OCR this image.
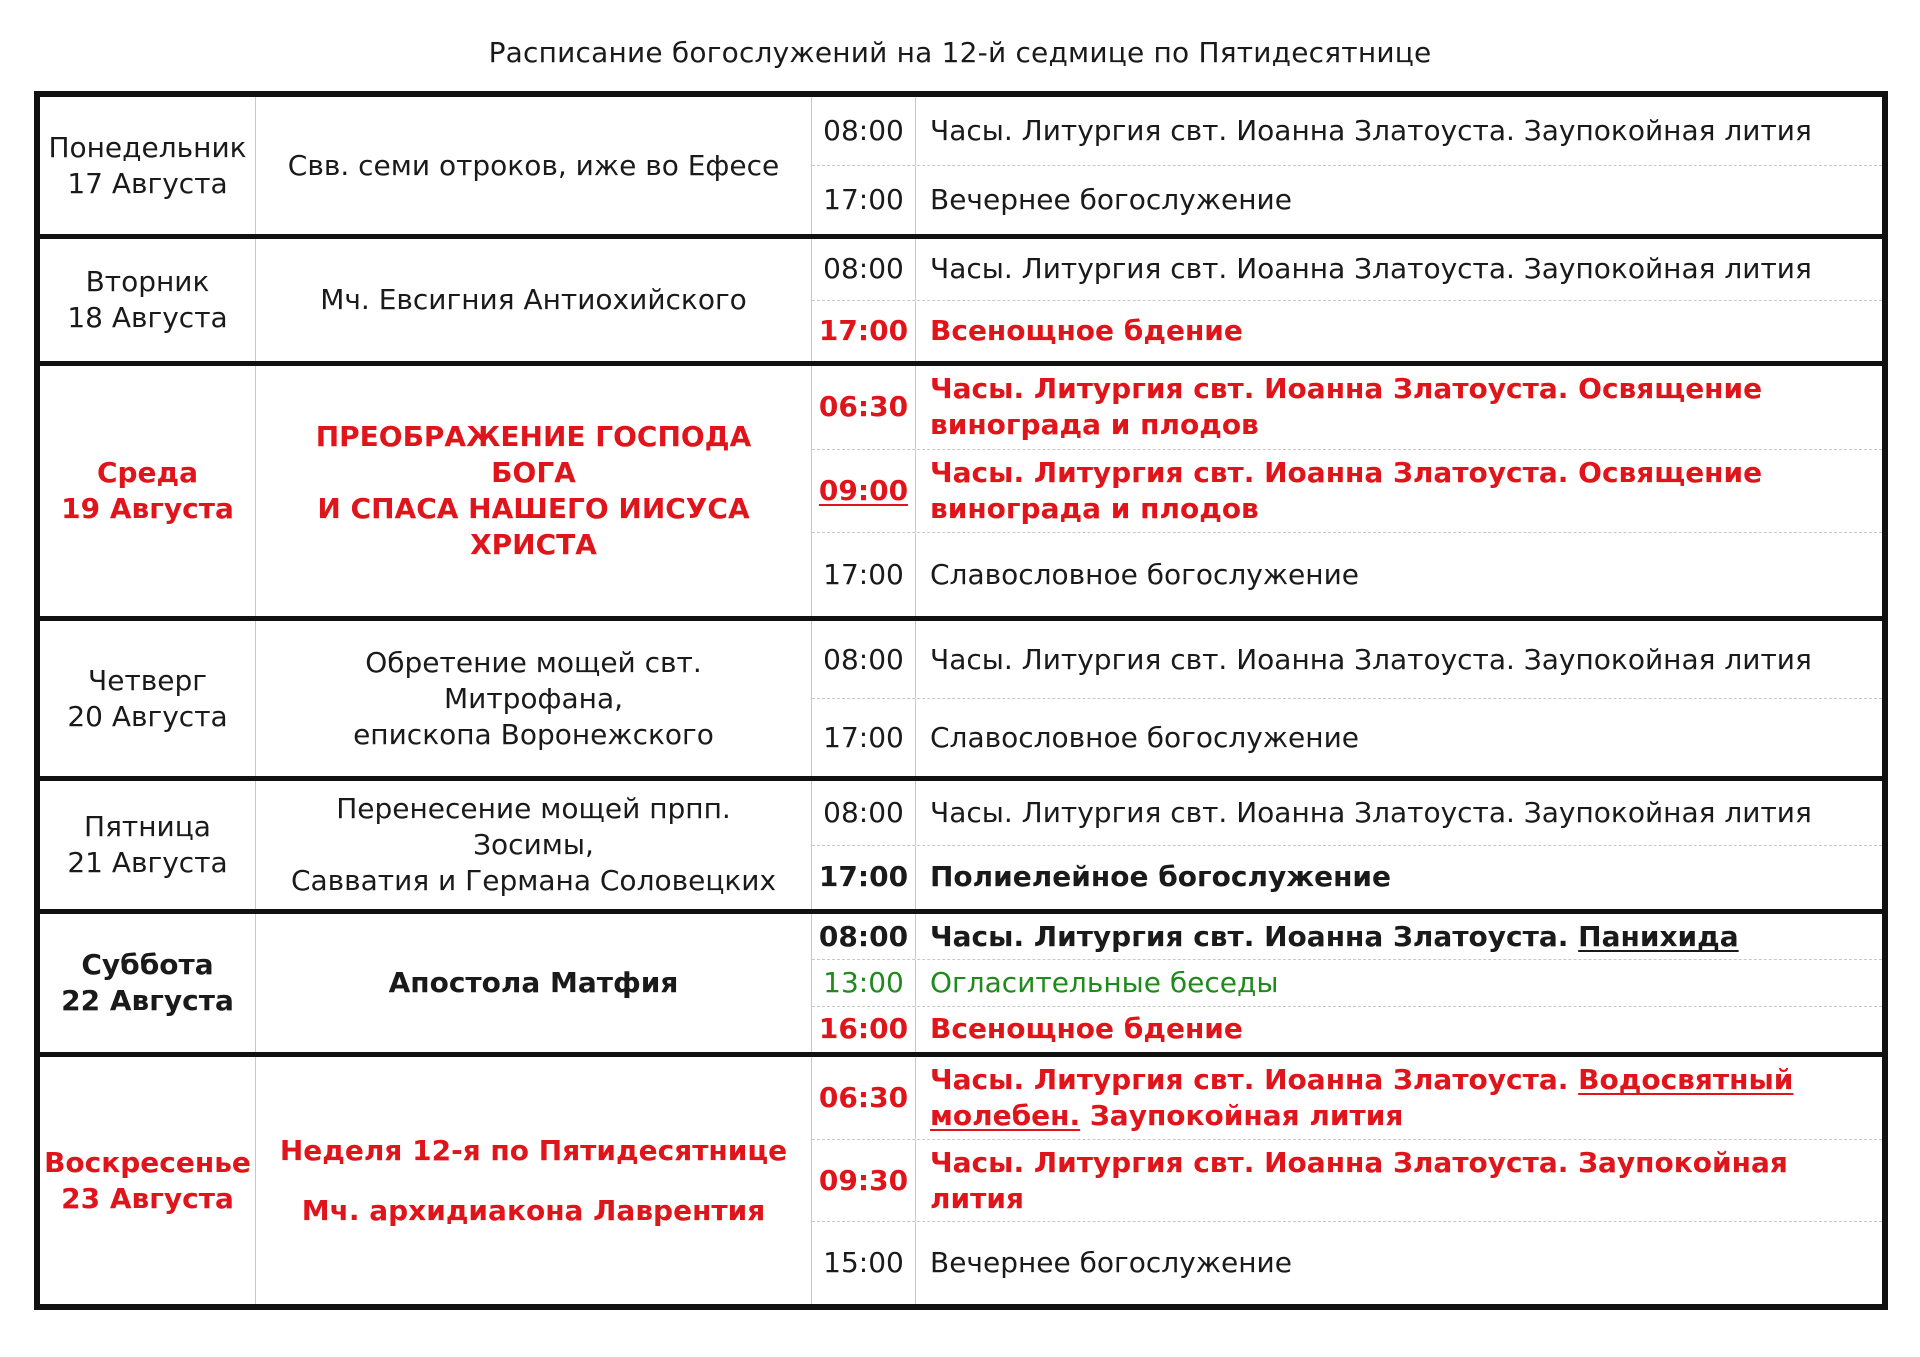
Расписание богослужений на 12-й седмице по Пятидесятнице
Понедельник
17 Августа
Свв. семи отроков, иже во Ефесе
08:00 Часы. Литургия свт. Иоанна Златоуста. Заупокойная лития
17:00 Вечернее богослужение
Вторник
18 Августа
Мч. Евсигния Антиохийского
08:00 Часы. Литургия свт. Иоанна Златоуста. Заупокойная лития
17:00 Всенощное бдение
Среда
19 Августа
ПРЕОБРАЖЕНИЕ ГОСПОДА БОГА
И СПАСА НАШЕГО ИИСУСА ХРИСТА
06:30
Часы. Литургия свт. Иоанна Златоуста. Освящение винограда и плодов
09:00
Часы. Литургия свт. Иоанна Златоуста. Освящение винограда и плодов
17:00 Славословное богослужение
Четверг
20 Августа
Обретение мощей свт. Митрофана,
епископа Воронежского
08:00 Часы. Литургия свт. Иоанна Златоуста. Заупокойная лития
17:00 Славословное богослужение
Пятница
21 Августа
Перенесение мощей прпп. Зосимы,
Савватия и Германа Соловецких
08:00 Часы. Литургия свт. Иоанна Златоуста. Заупокойная лития
17:00 Полиелейное богослужение
Суббота
22 Августа
Апостола Матфия
08:00 Часы. Литургия свт. Иоанна Златоуста. Панихида
13:00 Огласительные беседы
16:00 Всенощное бдение
Воскресенье
23 Августа
Неделя 12-я по Пятидесятнице
Мч. архидиакона Лаврентия
06:30
Часы. Литургия свт. Иоанна Златоуста. Водосвятный молебен. Заупокойная лития
09:30
Часы. Литургия свт. Иоанна Златоуста. Заупокойная лития
15:00 Вечернее богослужение
